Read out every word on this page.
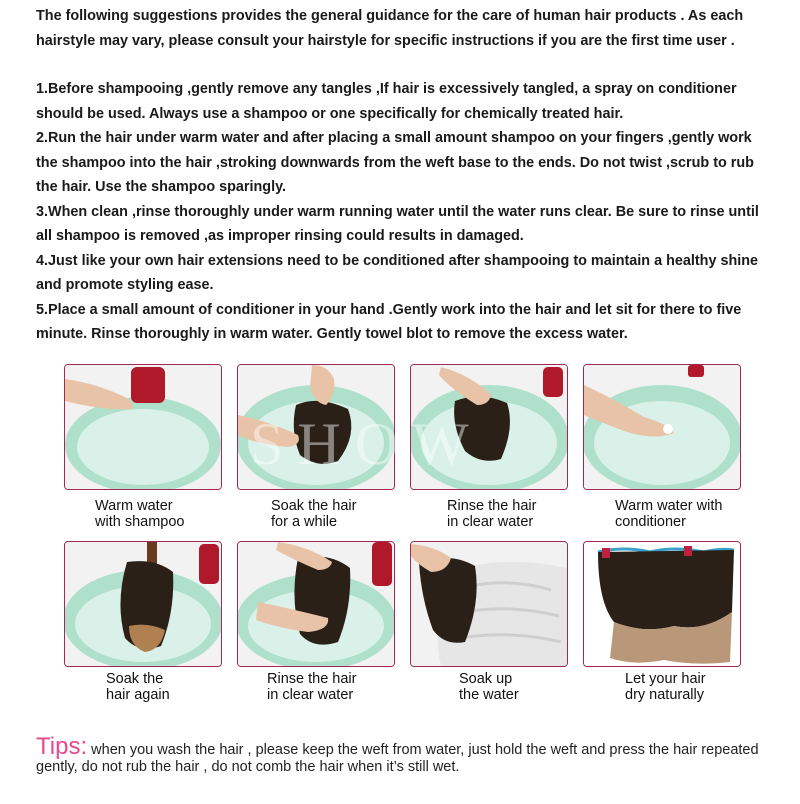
The following suggestions provides the general guidance for the care of human hair products . As each hairstyle may vary, please consult your hairstyle for specific instructions if you are the first time user .

1.Before shampooing ,gently remove any tangles ,If hair is excessively tangled, a spray on conditioner should be used. Always use a shampoo or one specifically for chemically treated hair.

2.Run the hair under warm water and after placing a small amount shampoo on your fingers ,gently work the shampoo into the hair ,stroking downwards from the weft base to the ends. Do not twist ,scrub to rub the hair. Use the shampoo sparingly.

3.When clean ,rinse thoroughly under warm running water until the water runs clear. Be sure to rinse until all shampoo is removed ,as improper rinsing could results in damaged.

4.Just like your own hair extensions need to be conditioned after shampooing to maintain a healthy shine and promote styling ease.

5.Place a small amount of conditioner in your hand .Gently work into the hair and let sit for there to five minute. Rinse thoroughly in warm water. Gently towel blot to remove the excess water.

Warm water
with shampoo
Soak the hair
for a while
Rinse the hair
in clear water
Warm water with
conditioner
Soak the
hair again
Rinse the hair
in clear water
Soak up
the water
Let your hair
dry naturally
SHOW
Tips: when you wash the hair , please keep the weft from water, just hold the weft and press the hair repeated gently, do not rub the hair , do not comb the hair when it’s still wet.
